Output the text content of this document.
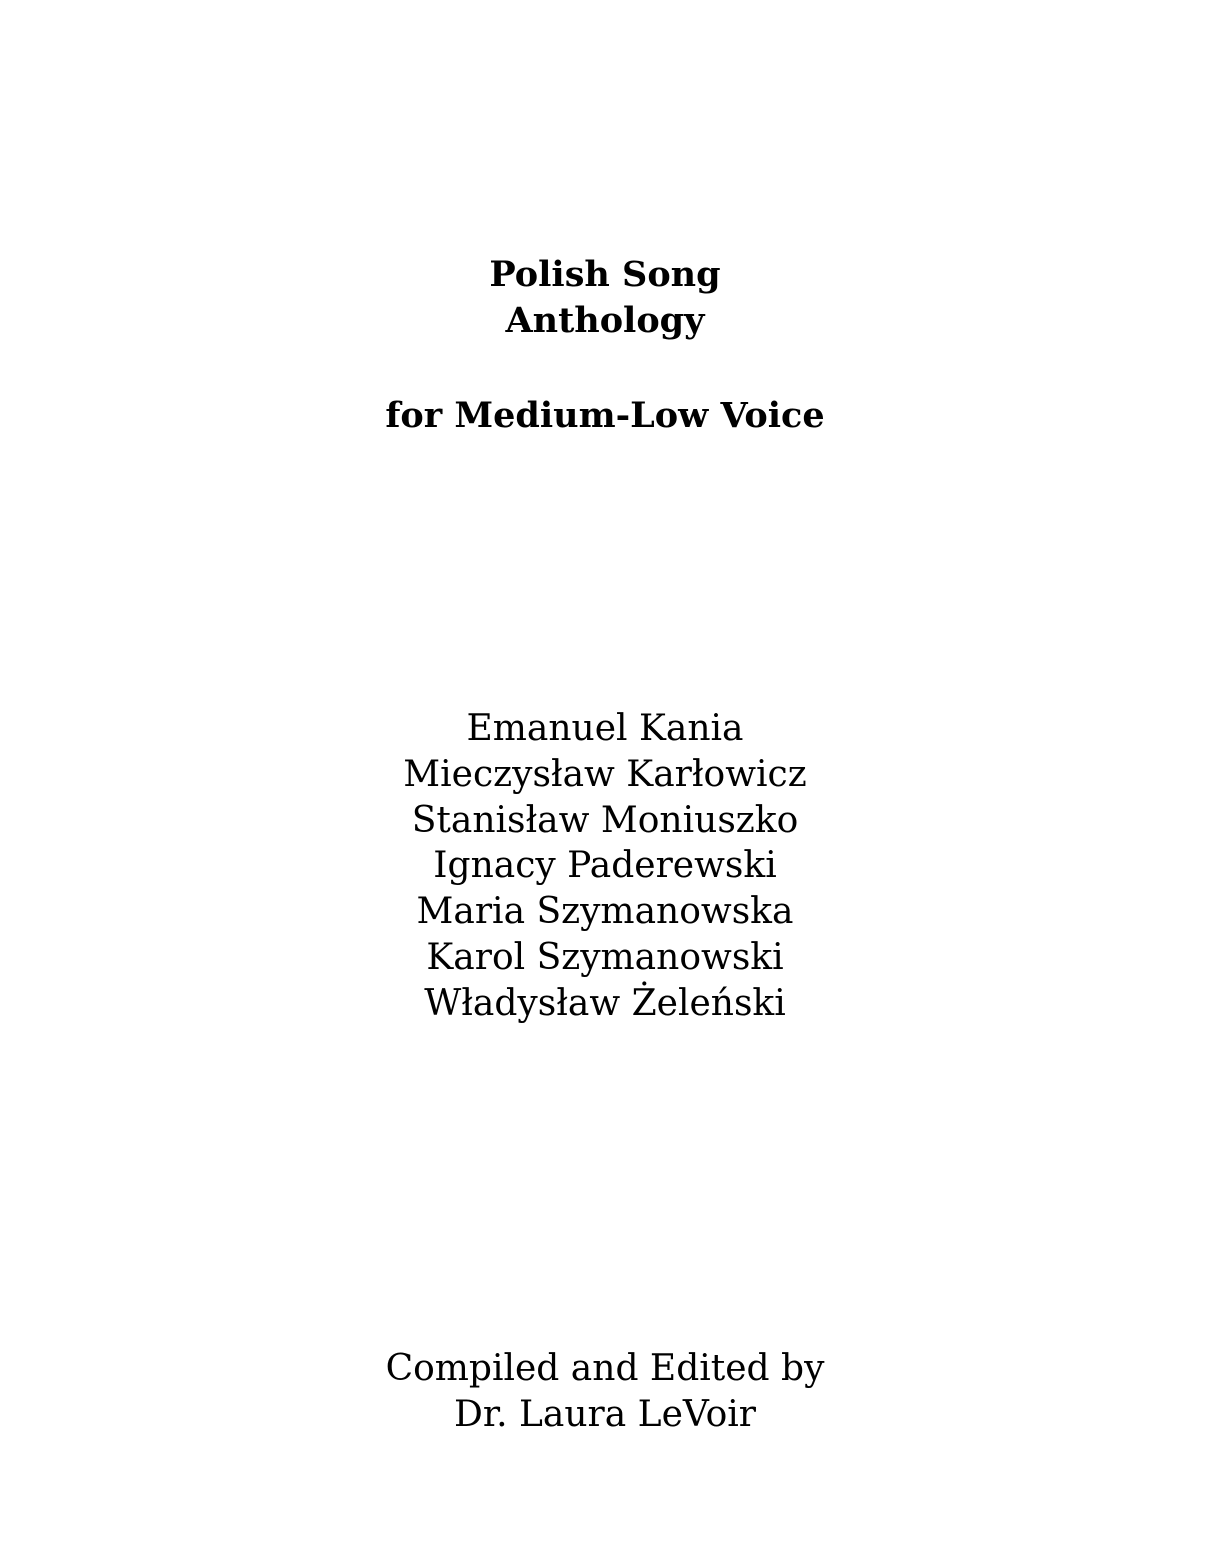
Polish Song
Anthology
for Medium-Low Voice
Emanuel Kania
Mieczysław Karłowicz
Stanisław Moniuszko
Ignacy Paderewski
Maria Szymanowska
Karol Szymanowski
Władysław Żeleński
Compiled and Edited by
Dr. Laura LeVoir
